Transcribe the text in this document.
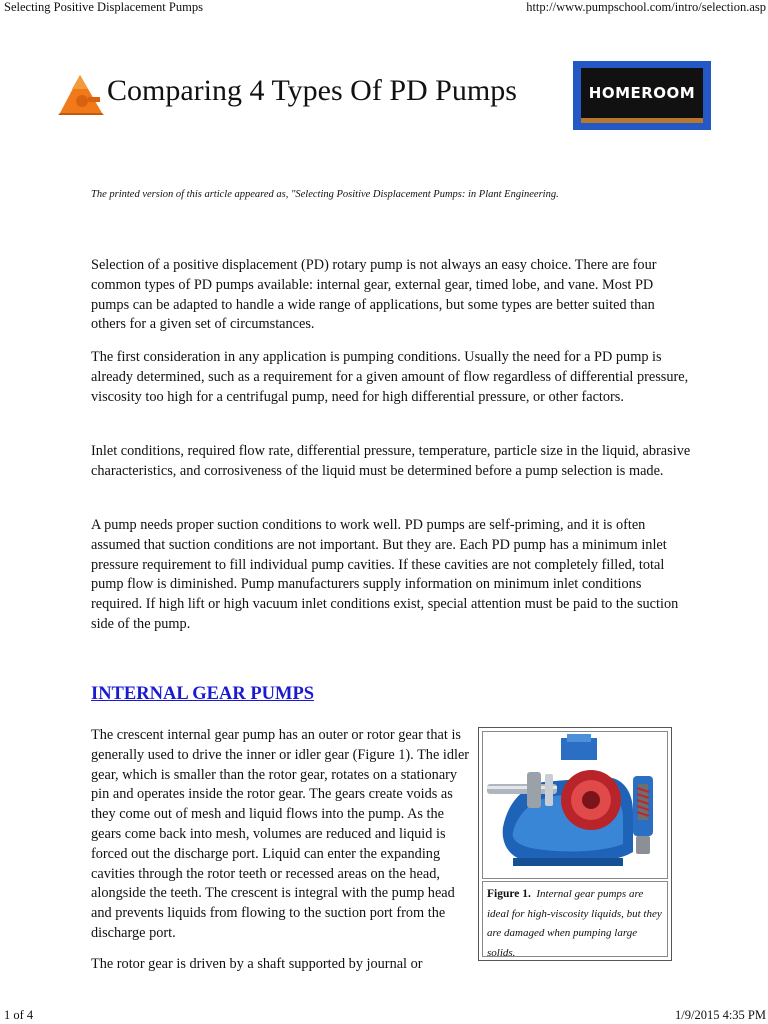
Selecting Positive Displacement Pumps	http://www.pumpschool.com/intro/selection.asp
Comparing 4 Types Of PD Pumps	HOMEROOM
The printed version of this article appeared as, "Selecting Positive Displacement Pumps: in Plant Engineering.

Selection of a positive displacement (PD) rotary pump is not always an easy choice. There are four common types of PD pumps available: internal gear, external gear, timed lobe, and vane. Most PD pumps can be adapted to handle a wide range of applications, but some types are better suited than others for a given set of circumstances.

The first consideration in any application is pumping conditions. Usually the need for a PD pump is already determined, such as a requirement for a given amount of flow regardless of differential pressure, viscosity too high for a centrifugal pump, need for high differential pressure, or other factors.

Inlet conditions, required flow rate, differential pressure, temperature, particle size in the liquid, abrasive characteristics, and corrosiveness of the liquid must be determined before a pump selection is made.

A pump needs proper suction conditions to work well. PD pumps are self-priming, and it is often assumed that suction conditions are not important. But they are. Each PD pump has a minimum inlet pressure requirement to fill individual pump cavities. If these cavities are not completely filled, total pump flow is diminished. Pump manufacturers supply information on minimum inlet conditions required. If high lift or high vacuum inlet conditions exist, special attention must be paid to the suction side of the pump.

INTERNAL GEAR PUMPS

The crescent internal gear pump has an outer or rotor gear that is generally used to drive the inner or idler gear (Figure 1). The idler gear, which is smaller than the rotor gear, rotates on a stationary pin and operates inside the rotor gear. The gears create voids as they come out of mesh and liquid flows into the pump. As the gears come back into mesh, volumes are reduced and liquid is forced out the discharge port. Liquid can enter the expanding cavities through the rotor teeth or recessed areas on the head, alongside the teeth. The crescent is integral with the pump head and prevents liquids from flowing to the suction port from the discharge port.

The rotor gear is driven by a shaft supported by journal or

Figure 1. Internal gear pumps are ideal for high-viscosity liquids, but they are damaged when pumping large solids.
1 of 4	1/9/2015 4:35 PM
